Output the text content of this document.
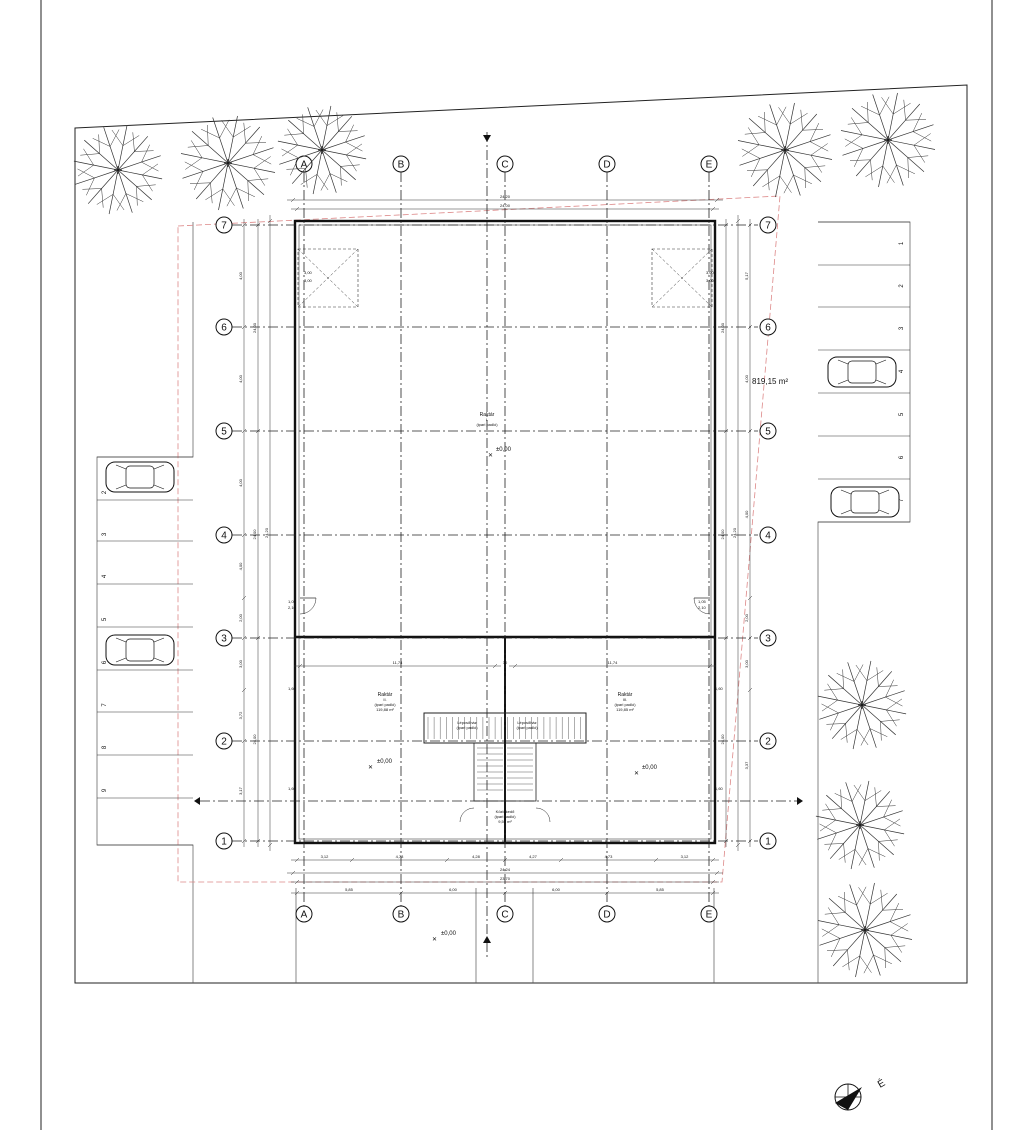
A
A
B
B
C
C
D
D
E
E
1	1
2	2
3	3
4	4
5	5
6	6
7	7
24,20
24,00
3,12	4,73	4,28	4,27	4,73	3,12
24,24
23,70
5,85	6,00	6,00	5,85
11,74	11,74
30
4,00
4,00
4,00
4,00
2,00
3,00
3,72
3,17
24,00
24,00
24,00
24,20
5,17
4,00
4,00
2,00
3,00
3,37
24,20
24,00
24,00
24,00
3,00
3,00
3,00
3,00
1,05
2,10
1,05
2,10
1,60	1,60
1,60	1,60
2
3
4
5
6
7
8
9
1
2
3
4
5
6
7
819,15 m²
Raktár
I.
(ipari padló)
Raktár
II.
(ipari padló)
119,88 m²
Raktár
III.
(ipari padló)
119,85 m²
Lépcsőház
(ipari padló)
Lépcsőház
(ipari padló)
Közlekedő
(ipari padló)
9,50 m²
✕
±0,00
✕
±0,00
✕
±0,00
✕
±0,00
É
